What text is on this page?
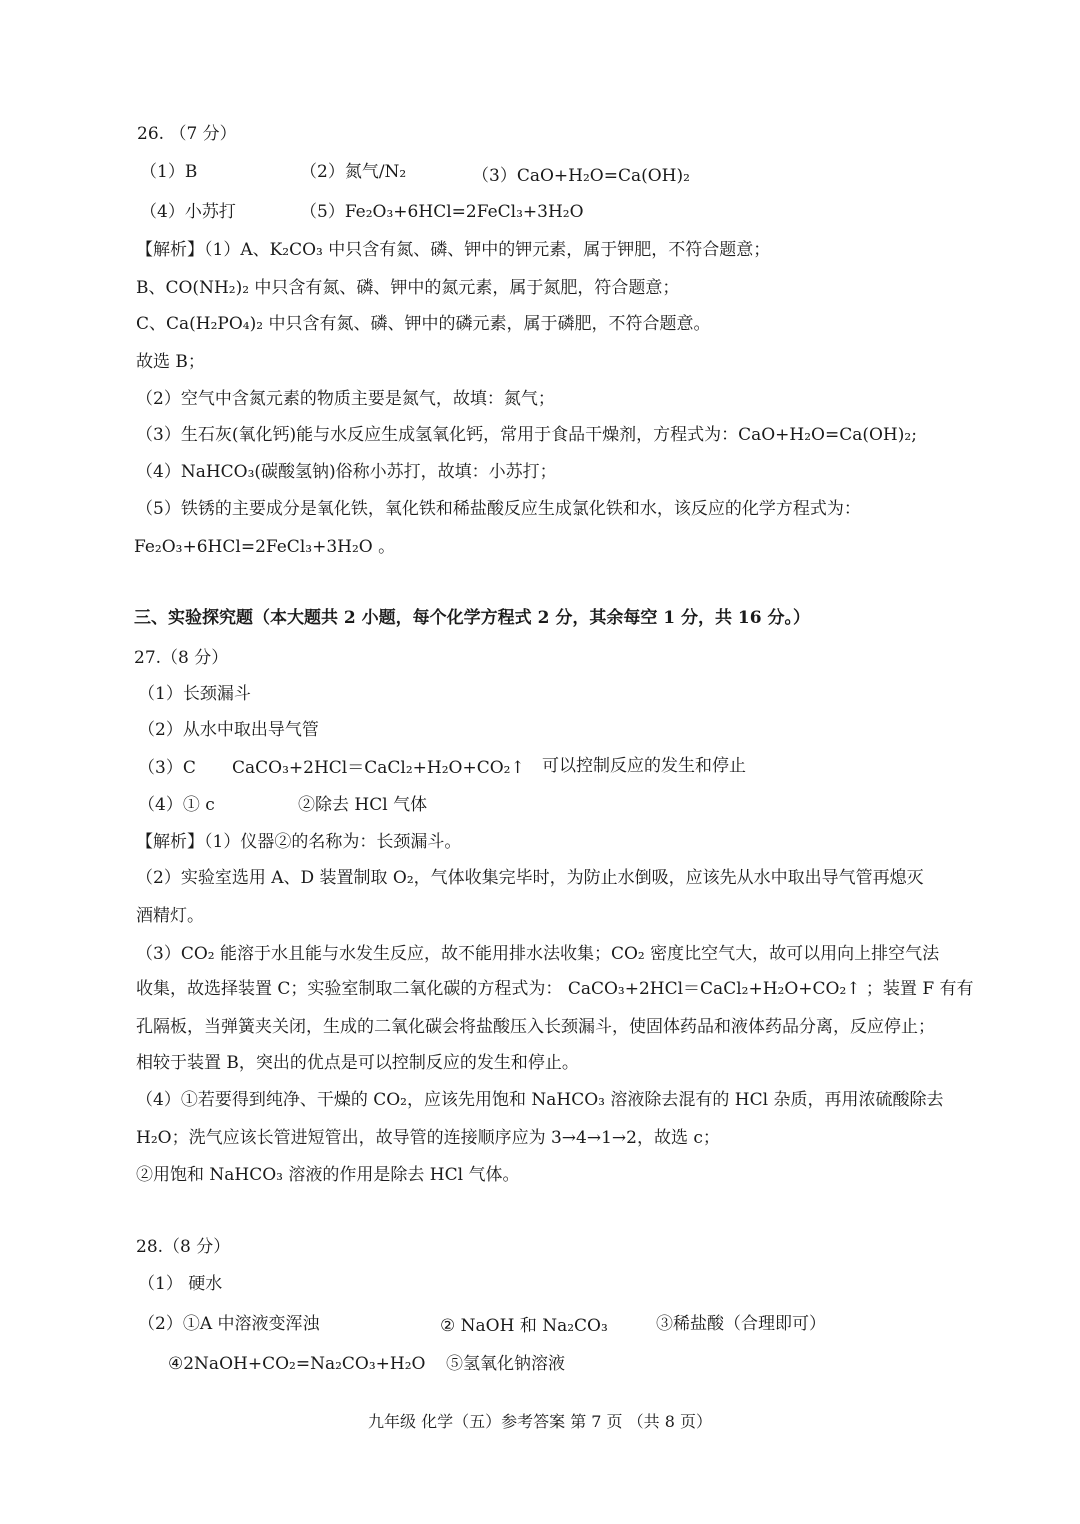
26. （7 分）
（1）B	（2）氮气/N₂	（3）CaO+H₂O=Ca(OH)₂
（4）小苏打	（5）Fe₂O₃+6HCl=2FeCl₃+3H₂O
【解析】（1）A、K₂CO₃ 中只含有氮、磷、钾中的钾元素，属于钾肥，不符合题意；
B、CO(NH₂)₂ 中只含有氮、磷、钾中的氮元素，属于氮肥，符合题意；
C、Ca(H₂PO₄)₂ 中只含有氮、磷、钾中的磷元素，属于磷肥，不符合题意。
故选 B；
（2）空气中含氮元素的物质主要是氮气，故填：氮气；
（3）生石灰(氧化钙)能与水反应生成氢氧化钙，常用于食品干燥剂，方程式为：CaO+H₂O=Ca(OH)₂;
（4）NaHCO₃(碳酸氢钠)俗称小苏打，故填：小苏打；
（5）铁锈的主要成分是氧化铁，氧化铁和稀盐酸反应生成氯化铁和水，该反应的化学方程式为：
Fe₂O₃+6HCl=2FeCl₃+3H₂O 。
三、实验探究题（本大题共 2 小题，每个化学方程式 2 分，其余每空 1 分，共 16 分。）
27.（8 分）
（1）长颈漏斗
（2）从水中取出导气管
（3）C CaCO₃+2HCl＝CaCl₂+H₂O+CO₂↑ 可以控制反应的发生和停止
（4）① c	②除去 HCl 气体
【解析】（1）仪器②的名称为：长颈漏斗。
（2）实验室选用 A、D 装置制取 O₂，气体收集完毕时，为防止水倒吸，应该先从水中取出导气管再熄灭
酒精灯。
（3）CO₂ 能溶于水且能与水发生反应，故不能用排水法收集；CO₂ 密度比空气大，故可以用向上排空气法
收集，故选择装置 C；实验室制取二氧化碳的方程式为： CaCO₃+2HCl＝CaCl₂+H₂O+CO₂↑ ；装置 F 有有
孔隔板，当弹簧夹关闭，生成的二氧化碳会将盐酸压入长颈漏斗，使固体药品和液体药品分离，反应停止；
相较于装置 B，突出的优点是可以控制反应的发生和停止。
（4）①若要得到纯净、干燥的 CO₂，应该先用饱和 NaHCO₃ 溶液除去混有的 HCl 杂质，再用浓硫酸除去
H₂O；洗气应该长管进短管出，故导管的连接顺序应为 3→4→1→2，故选 c；
②用饱和 NaHCO₃ 溶液的作用是除去 HCl 气体。
28.（8 分）
（1） 硬水
（2）①A 中溶液变浑浊	② NaOH 和 Na₂CO₃	③稀盐酸（合理即可）
④2NaOH+CO₂=Na₂CO₃+H₂O ⑤氢氧化钠溶液
九年级 化学（五）参考答案 第 7 页 （共 8 页）
